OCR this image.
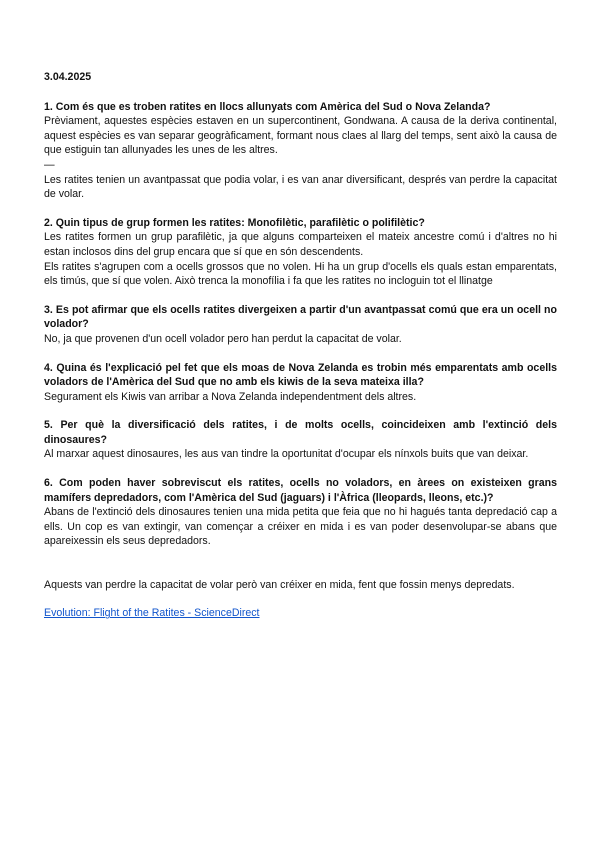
3.04.2025

1. Com és que es troben ratites en llocs allunyats com Amèrica del Sud o Nova Zelanda?

Prèviament, aquestes espècies estaven en un supercontinent, Gondwana. A causa de la deriva continental, aquest espècies es van separar geogràficament, formant nous claes al llarg del temps, sent això la causa de que estiguin tan allunyades les unes de les altres.

—

Les ratites tenien un avantpassat que podia volar, i es van anar diversificant, després van perdre la capacitat de volar.

2. Quin tipus de grup formen les ratites: Monofilètic, parafilètic o polifilètic?

Les ratites formen un grup parafilètic, ja que alguns comparteixen el mateix ancestre comú i d'altres no hi estan inclosos dins del grup encara que sí que en són descendents.

Els ratites s'agrupen com a ocells grossos que no volen. Hi ha un grup d'ocells els quals estan emparentats, els timús, que sí que volen. Això trenca la monofília i fa que les ratites no incloguin tot el llinatge

3. Es pot afirmar que els ocells ratites divergeixen a partir d'un avantpassat comú que era un ocell no volador?

No, ja que provenen d'un ocell volador pero han perdut la capacitat de volar.

4. Quina és l'explicació pel fet que els moas de Nova Zelanda es trobin més emparentats amb ocells voladors de l'Amèrica del Sud que no amb els kiwis de la seva mateixa illa?

Segurament els Kiwis van arribar a Nova Zelanda independentment dels altres.

5. Per què la diversificació dels ratites, i de molts ocells, coincideixen amb l'extinció dels dinosaures?

Al marxar aquest dinosaures, les aus van tindre la oportunitat d'ocupar els nínxols buits que van deixar.

6. Com poden haver sobreviscut els ratites, ocells no voladors, en àrees on existeixen grans mamífers depredadors, com l'Amèrica del Sud (jaguars) i l'Àfrica (lleopards, lleons, etc.)?

Abans de l'extinció dels dinosaures tenien una mida petita que feia que no hi hagués tanta depredació cap a ells. Un cop es van extingir, van començar a créixer en mida i es van poder desenvolupar-se abans que apareixessin els seus depredadors.

Aquests van perdre la capacitat de volar però van créixer en mida, fent que fossin menys depredats.

Evolution: Flight of the Ratites - ScienceDirect
